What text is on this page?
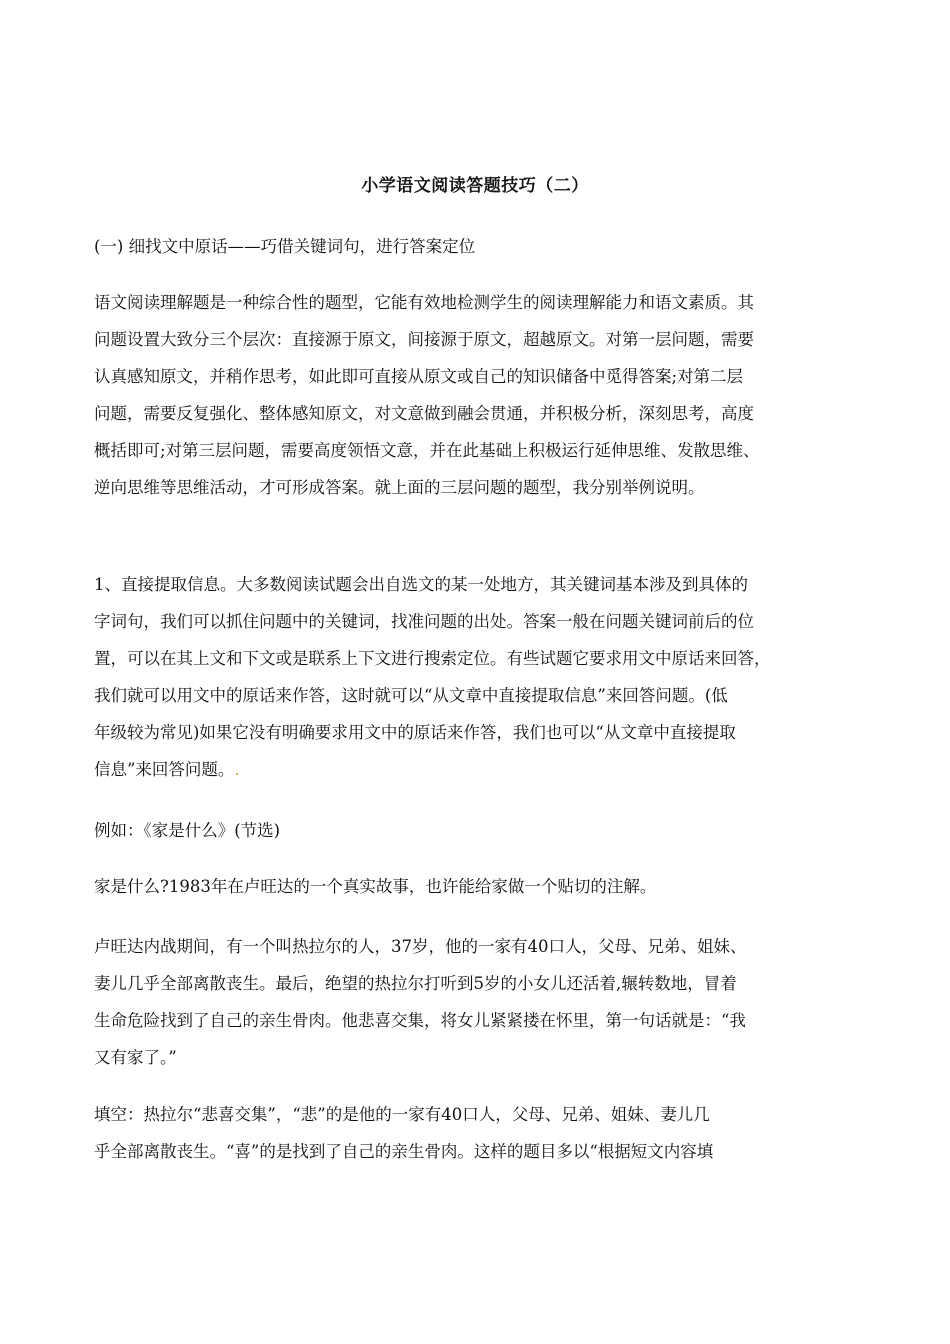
小学语文阅读答题技巧（二）
(一) 细找文中原话——巧借关键词句，进行答案定位
语文阅读理解题是一种综合性的题型，它能有效地检测学生的阅读理解能力和语文素质。其
问题设置大致分三个层次：直接源于原文，间接源于原文，超越原文。对第一层问题，需要
认真感知原文，并稍作思考，如此即可直接从原文或自己的知识储备中觅得答案;对第二层
问题，需要反复强化、整体感知原文，对文意做到融会贯通，并积极分析，深刻思考，高度
概括即可;对第三层问题，需要高度领悟文意，并在此基础上积极运行延伸思维、发散思维、
逆向思维等思维活动，才可形成答案。就上面的三层问题的题型，我分别举例说明。
1、直接提取信息。大多数阅读试题会出自选文的某一处地方，其关键词基本涉及到具体的
字词句，我们可以抓住问题中的关键词，找准问题的出处。答案一般在问题关键词前后的位
置，可以在其上文和下文或是联系上下文进行搜索定位。有些试题它要求用文中原话来回答，
我们就可以用文中的原话来作答，这时就可以“从文章中直接提取信息”来回答问题。(低
年级较为常见)如果它没有明确要求用文中的原话来作答，我们也可以“从文章中直接提取
信息”来回答问题。.
例如：《家是什么》(节选)
家是什么?1983年在卢旺达的一个真实故事，也许能给家做一个贴切的注解。
卢旺达内战期间，有一个叫热拉尔的人，37岁，他的一家有40口人，父母、兄弟、姐妹、
妻儿几乎全部离散丧生。最后，绝望的热拉尔打听到5岁的小女儿还活着,辗转数地，冒着
生命危险找到了自己的亲生骨肉。他悲喜交集，将女儿紧紧搂在怀里，第一句话就是：“我
又有家了。”
填空：热拉尔“悲喜交集”，“悲”的是他的一家有40口人，父母、兄弟、姐妹、妻儿几
乎全部离散丧生。“喜”的是找到了自己的亲生骨肉。这样的题目多以“根据短文内容填
